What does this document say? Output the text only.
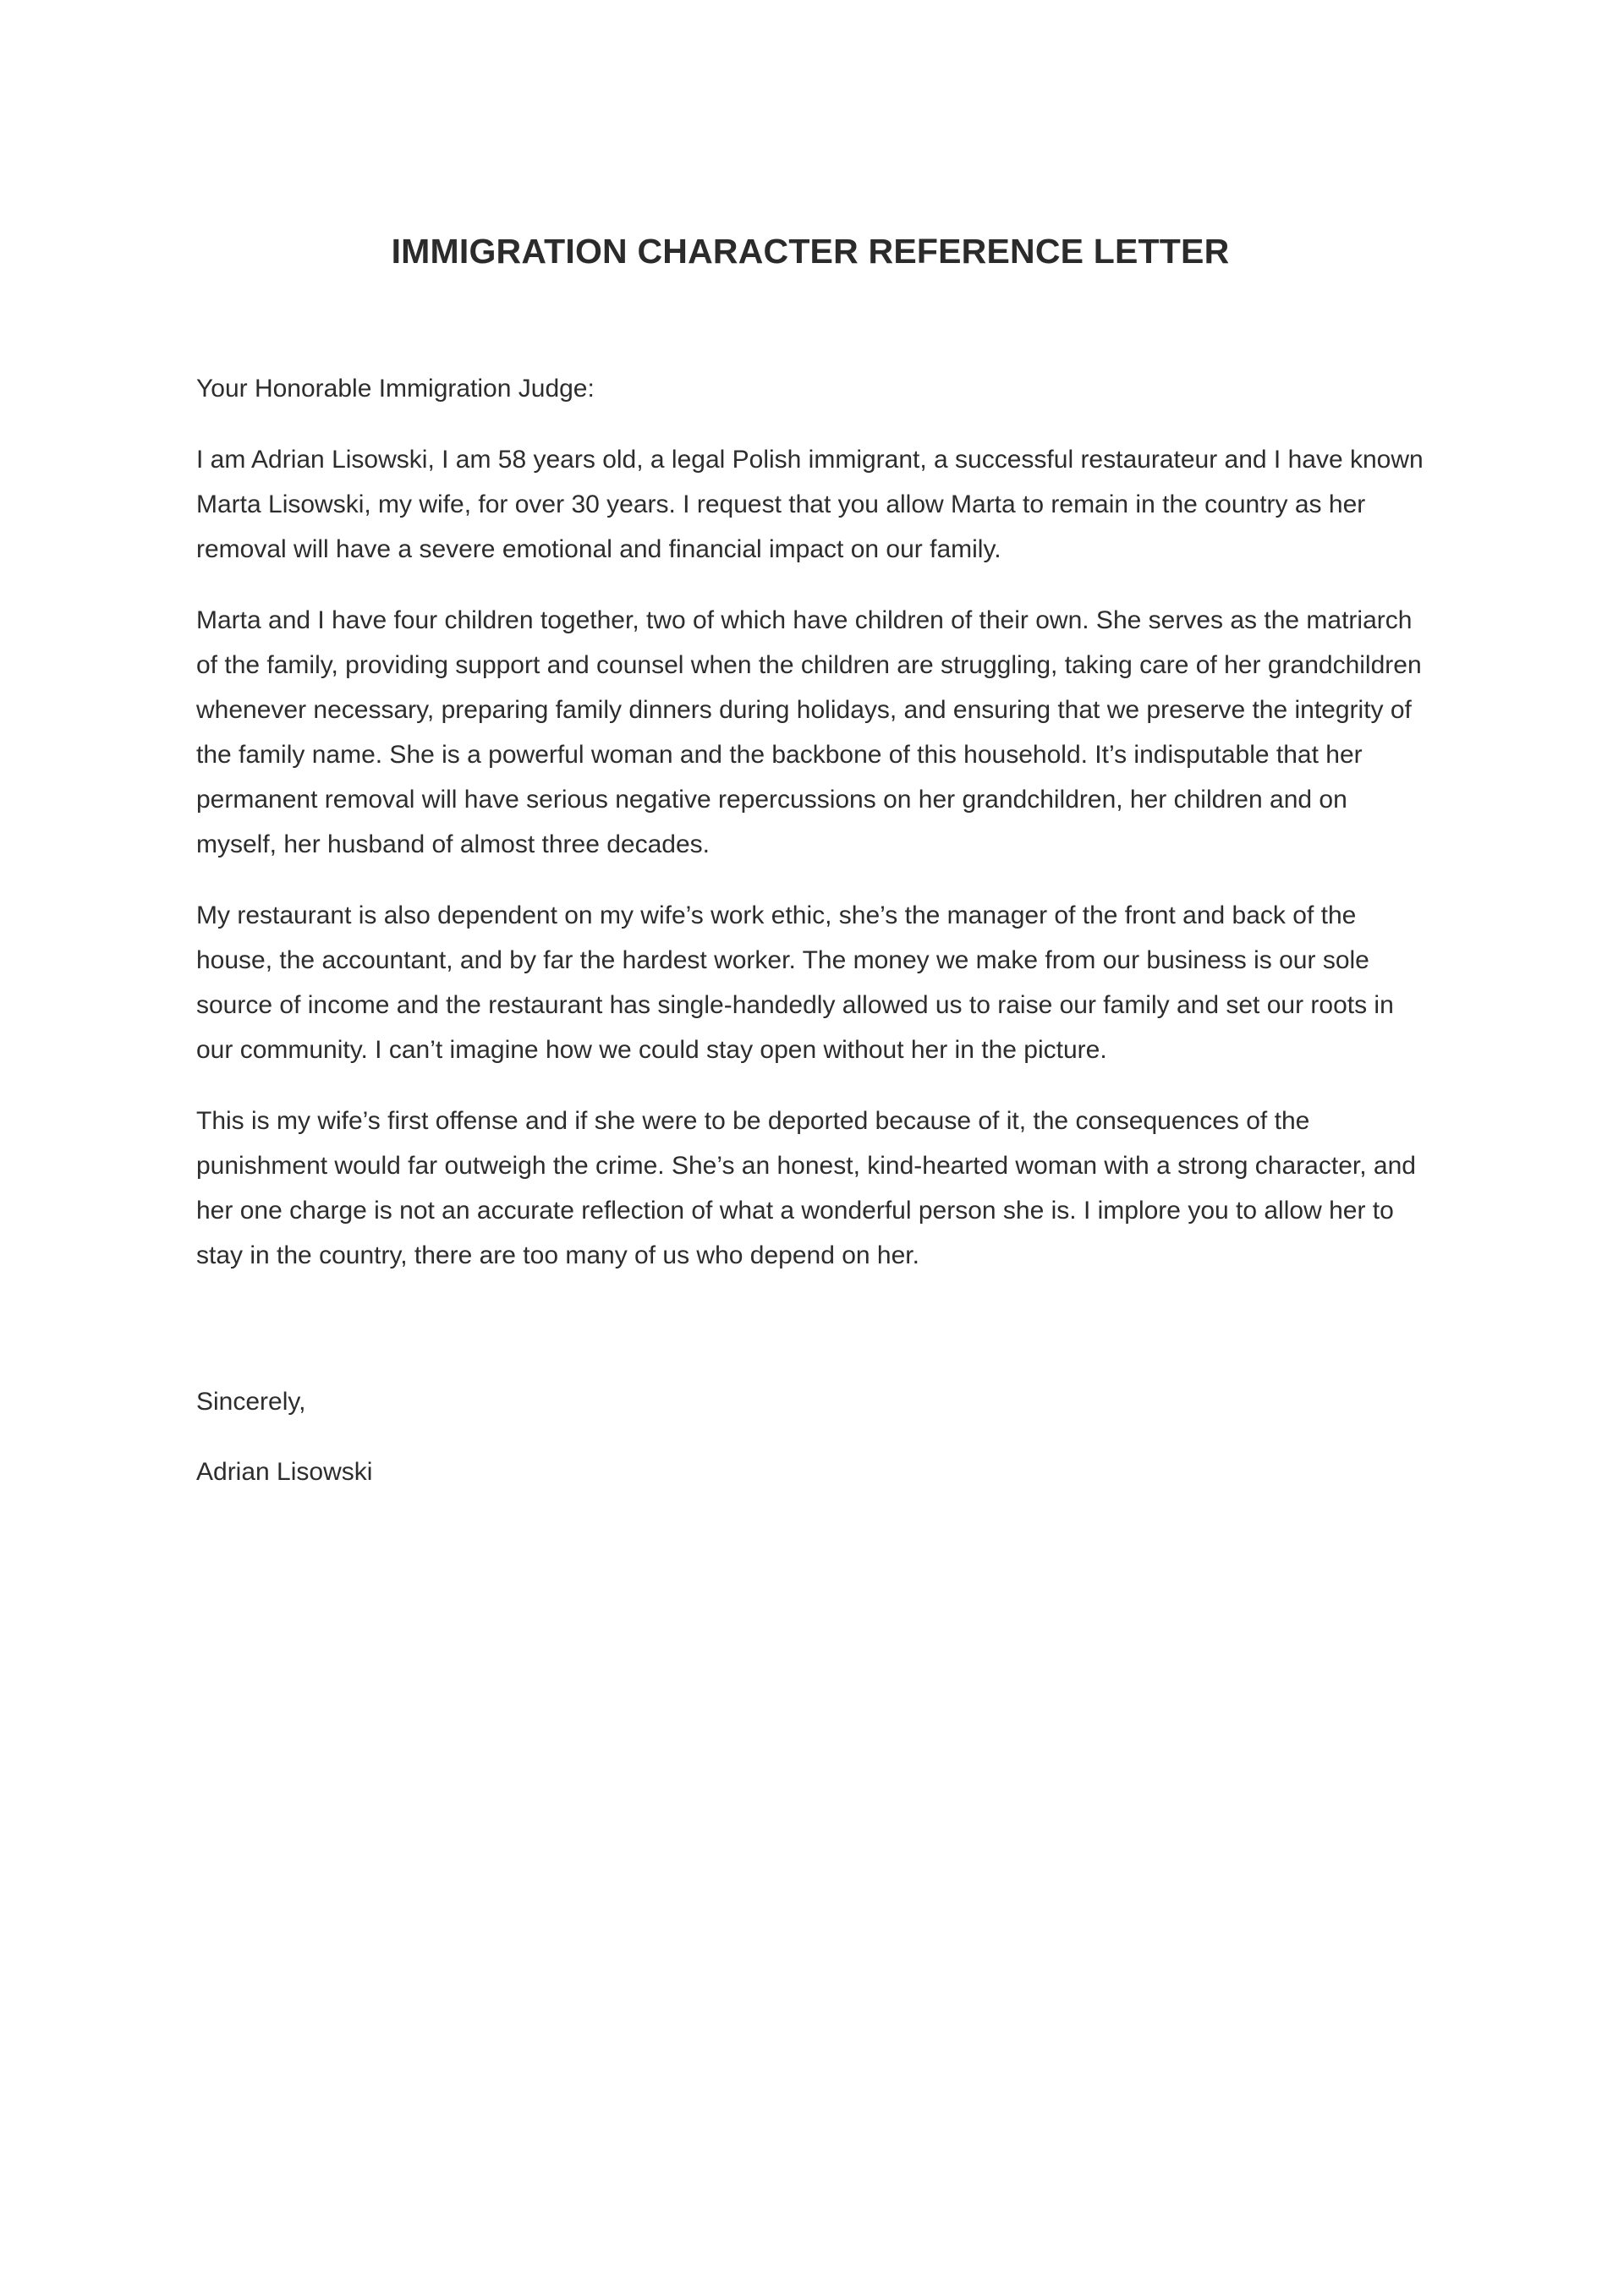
IMMIGRATION CHARACTER REFERENCE LETTER

Your Honorable Immigration Judge:

I am Adrian Lisowski, I am 58 years old, a legal Polish immigrant, a successful restaurateur and I have known Marta Lisowski, my wife, for over 30 years. I request that you allow Marta to remain in the country as her removal will have a severe emotional and financial impact on our family.

Marta and I have four children together, two of which have children of their own. She serves as the matriarch of the family, providing support and counsel when the children are struggling, taking care of her grandchildren whenever necessary, preparing family dinners during holidays, and ensuring that we preserve the integrity of the family name. She is a powerful woman and the backbone of this household. It’s indisputable that her permanent removal will have serious negative repercussions on her grandchildren, her children and on myself, her husband of almost three decades.

My restaurant is also dependent on my wife’s work ethic, she’s the manager of the front and back of the house, the accountant, and by far the hardest worker. The money we make from our business is our sole source of income and the restaurant has single-handedly allowed us to raise our family and set our roots in our community. I can’t imagine how we could stay open without her in the picture.

This is my wife’s first offense and if she were to be deported because of it, the consequences of the punishment would far outweigh the crime. She’s an honest, kind-hearted woman with a strong character, and her one charge is not an accurate reflection of what a wonderful person she is. I implore you to allow her to stay in the country, there are too many of us who depend on her.

Sincerely,

Adrian Lisowski
